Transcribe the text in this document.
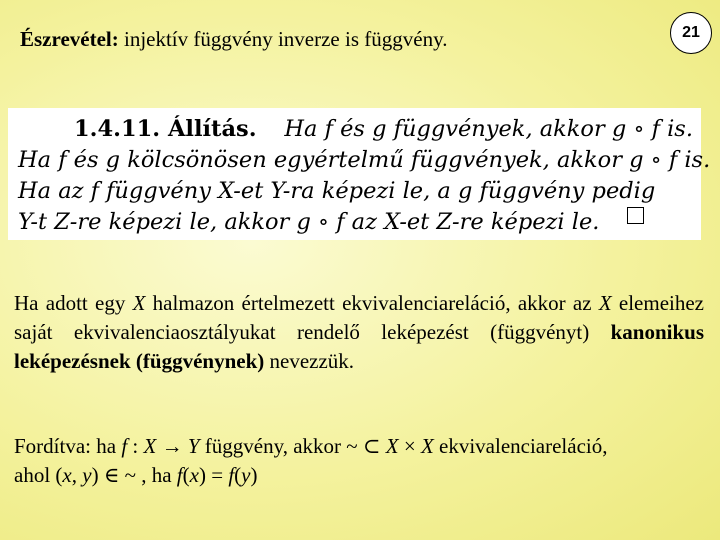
Észrevétel: injektív függvény inverze is függvény.	21
1.4.11. Állítás.	Ha f és g függvények, akkor g ∘ f is.
Ha f és g kölcsönösen egyértelmű függvények, akkor g ∘ f is.
Ha az f függvény X-et Y-ra képezi le, a g függvény pedig
Y-t Z-re képezi le, akkor g ∘ f az X-et Z-re képezi le.
Ha adott egy X halmazon értelmezett ekvivalenciareláció, akkor az X elemeihez saját ekvivalenciaosztályukat rendelő leképezést (függvényt) kanonikus leképezésnek (függvénynek) nevezzük.
Fordítva: ha f : X → Y függvény, akkor ~ ⊂ X × X ekvivalenciareláció,
ahol (x, y) ∈ ~ , ha f(x) = f(y)
